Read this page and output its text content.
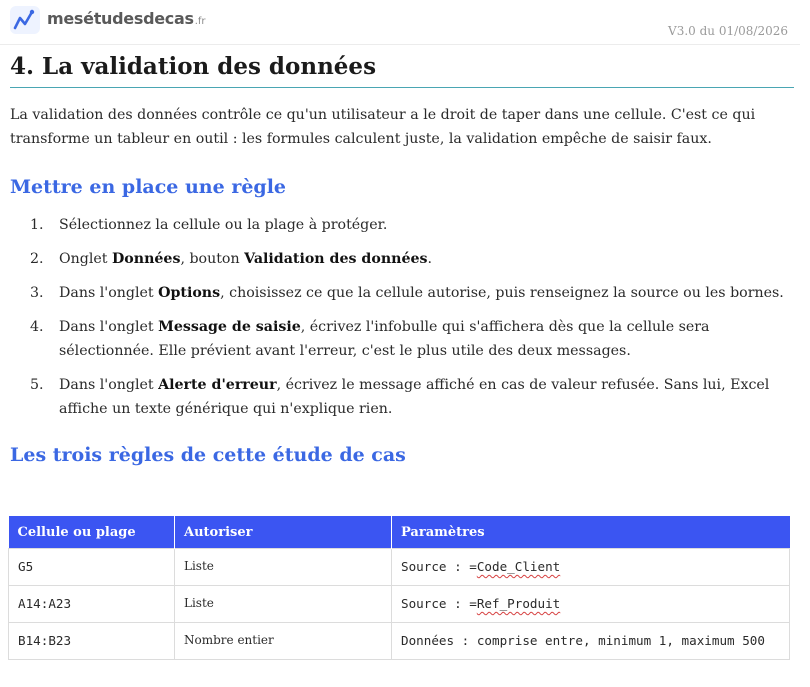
mesétudesdecas.fr
V3.0 du 01/08/2026
4. La validation des données

La validation des données contrôle ce qu'un utilisateur a le droit de taper dans une cellule. C'est ce qui transforme un tableur en outil : les formules calculent juste, la validation empêche de saisir faux.

Mettre en place une règle
1. Sélectionnez la cellule ou la plage à protéger.
2. Onglet Données, bouton Validation des données.
3. Dans l'onglet Options, choisissez ce que la cellule autorise, puis renseignez la source ou les bornes.
4. Dans l'onglet Message de saisie, écrivez l'infobulle qui s'affichera dès que la cellule sera sélectionnée. Elle prévient avant l'erreur, c'est le plus utile des deux messages.
5. Dans l'onglet Alerte d'erreur, écrivez le message affiché en cas de valeur refusée. Sans lui, Excel affiche un texte générique qui n'explique rien.
Les trois règles de cette étude de cas
Cellule ou plage	Autoriser	Paramètres
G5	Liste	Source : =Code_Client
A14:A23	Liste	Source : =Ref_Produit
B14:B23	Nombre entier	Données : comprise entre, minimum 1, maximum 500
